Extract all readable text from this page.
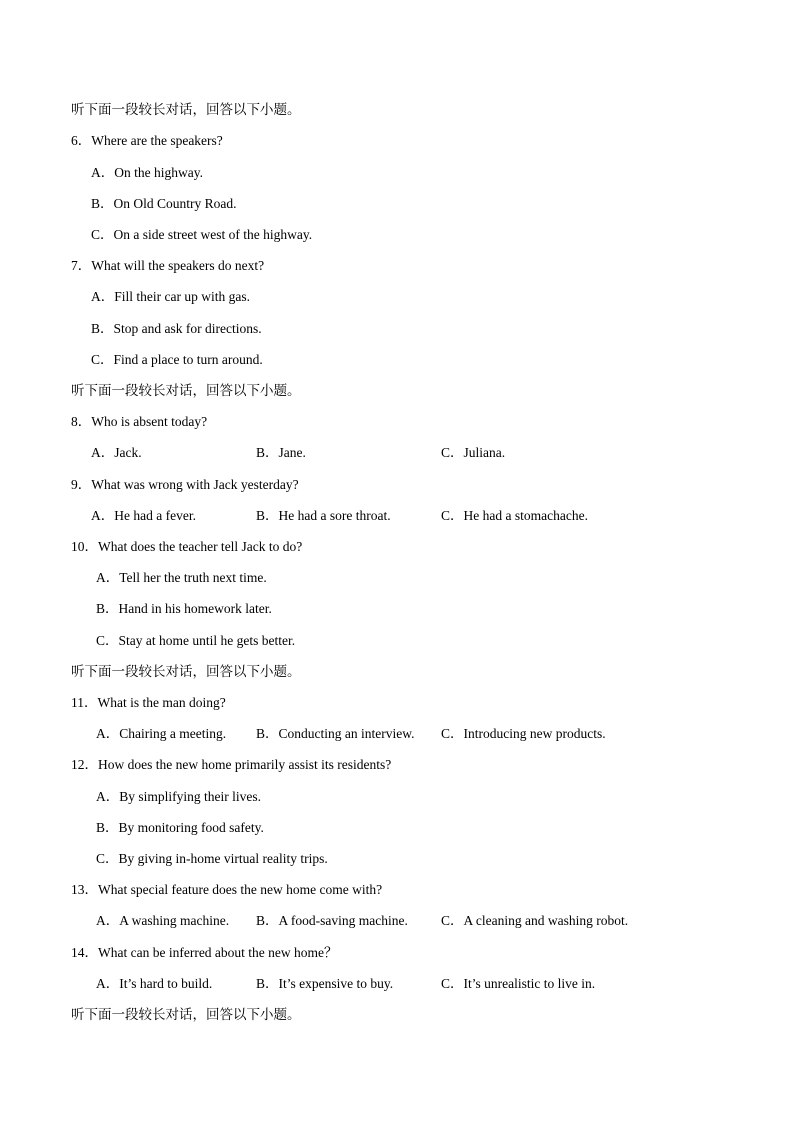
听下面一段较长对话，回答以下小题。
6．Where are the speakers?
A．On the highway.
B．On Old Country Road.
C．On a side street west of the highway.
7．What will the speakers do next?
A．Fill their car up with gas.
B．Stop and ask for directions.
C．Find a place to turn around.
听下面一段较长对话，回答以下小题。
8．Who is absent today?
A．Jack.	B．Jane.	C．Juliana.
9．What was wrong with Jack yesterday?
A．He had a fever.	B．He had a sore throat.	C．He had a stomachache.
10．What does the teacher tell Jack to do?
A．Tell her the truth next time.
B．Hand in his homework later.
C．Stay at home until he gets better.
听下面一段较长对话，回答以下小题。
11．What is the man doing?
A．Chairing a meeting. B．Conducting an interview. C．Introducing new products.
12．How does the new home primarily assist its residents?
A．By simplifying their lives.
B．By monitoring food safety.
C．By giving in-home virtual reality trips.
13．What special feature does the new home come with?
A．A washing machine. B．A food-saving machine. C．A cleaning and washing robot.
14．What can be inferred about the new home？
A．It’s hard to build.	B．It’s expensive to buy.	C．It’s unrealistic to live in.
听下面一段较长对话，回答以下小题。
